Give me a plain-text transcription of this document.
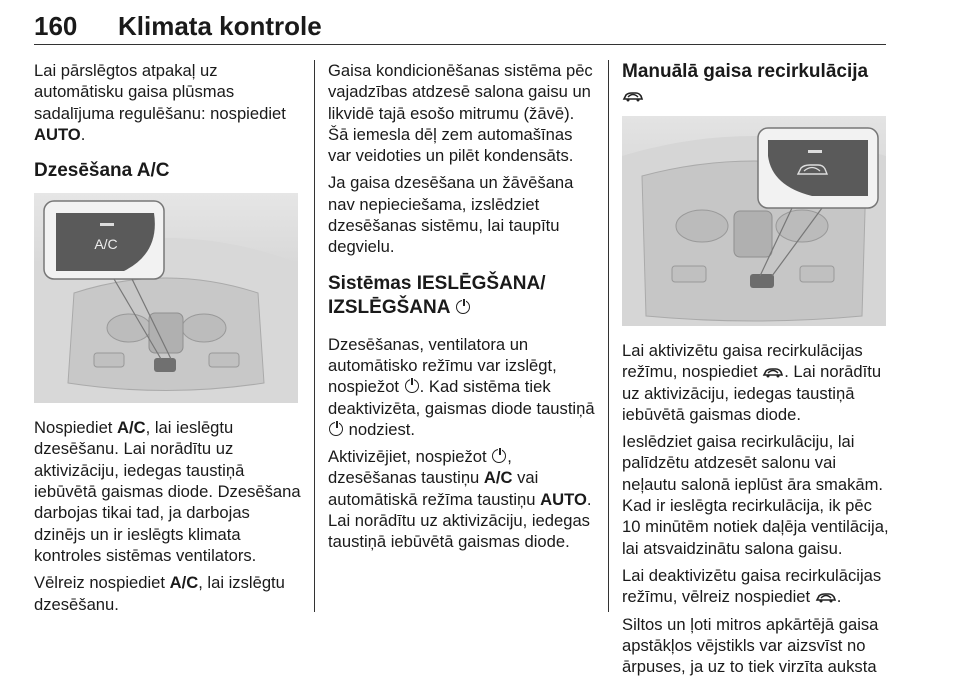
160 Klimata kontrole

Lai pārslēgtos atpakaļ uz automātisku gaisa plūsmas sadalījuma regulēšanu: nospiediet AUTO.

Dzesēšana A/C
A/C

Nospiediet A/C, lai ieslēgtu dzesēšanu. Lai norādītu uz aktivizāciju, iedegas taustiņā iebūvētā gaismas diode. Dzesēšana darbojas tikai tad, ja darbojas dzinējs un ir ieslēgts klimata kontroles sistēmas ventilators.

Vēlreiz nospiediet A/C, lai izslēgtu dzesēšanu.

Gaisa kondicionēšanas sistēma pēc vajadzības atdzesē salona gaisu un likvidē tajā esošo mitrumu (žāvē). Šā iemesla dēļ zem automašīnas var veidoties un pilēt kondensāts.

Ja gaisa dzesēšana un žāvēšana nav nepieciešama, izslēdziet dzesēšanas sistēmu, lai taupītu degvielu.

Sistēmas IESLĒGŠANA/ IZSLĒGŠANA

Dzesēšanas, ventilatora un automātisko režīmu var izslēgt, nospiežot . Kad sistēma tiek deaktivizēta, gaismas diode taustiņā
nodziest.

Aktivizējiet, nospiežot , dzesēšanas taustiņu A/C vai automātiskā režīma taustiņu AUTO. Lai norādītu uz aktivizāciju, iedegas taustiņā iebūvētā gaismas diode.

Manuālā gaisa recirkulācija

Lai aktivizētu gaisa recirkulācijas režīmu, nospiediet . Lai norādītu uz aktivizāciju, iedegas taustiņā iebūvētā gaismas diode.

Ieslēdziet gaisa recirkulāciju, lai palīdzētu atdzesēt salonu vai neļautu salonā ieplūst āra smakām. Kad ir ieslēgta recirkulācija, ik pēc 10 minūtēm notiek daļēja ventilācija, lai atsvaidzinātu salona gaisu.

Lai deaktivizētu gaisa recirkulācijas režīmu, vēlreiz nospiediet .

Siltos un ļoti mitros apkārtējā gaisa apstākļos vējstikls var aizsvīst no ārpuses, ja uz to tiek virzīta auksta
